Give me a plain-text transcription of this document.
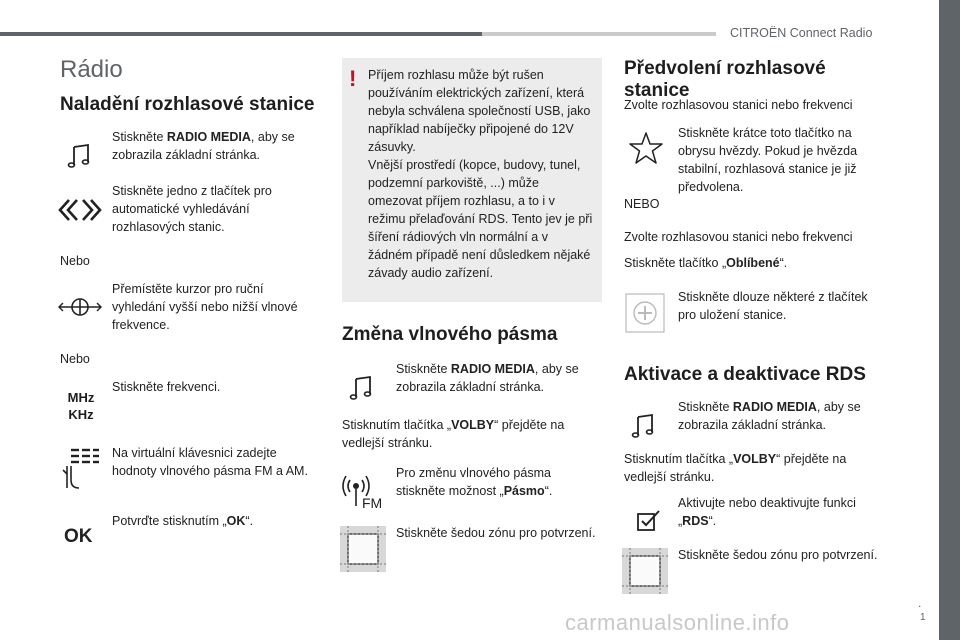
CITROËN Connect Radio
.
1
Rádio
Naladění rozhlasové stanice
Stiskněte RADIO MEDIA, aby se zobrazila základní stránka.
Stiskněte jedno z tlačítek pro automatické vyhledávání rozhlasových stanic.
Nebo
Přemístěte kurzor pro ruční vyhledání vyšší nebo nižší vlnové frekvence.
Nebo
MHz
KHz
Stiskněte frekvenci.
Na virtuální klávesnici zadejte hodnoty vlnového pásma FM a AM.
OK
Potvrďte stisknutím „OK“.
! Příjem rozhlasu může být rušen používáním elektrických zařízení, která nebyla schválena společností USB, jako například nabíječky připojené do 12V zásuvky.
Vnější prostředí (kopce, budovy, tunel, podzemní parkoviště, ...) může omezovat příjem rozhlasu, a to i v režimu přelaďování RDS. Tento jev je při šíření rádiových vln normální a v žádném případě není důsledkem nějaké závady audio zařízení.
Změna vlnového pásma
Stiskněte RADIO MEDIA, aby se zobrazila základní stránka.
Stisknutím tlačítka „VOLBY“ přejděte na vedlejší stránku.
FM
Pro změnu vlnového pásma stiskněte možnost „Pásmo“.
Stiskněte šedou zónu pro potvrzení.
Předvolení rozhlasové stanice
Zvolte rozhlasovou stanici nebo frekvenci
Stiskněte krátce toto tlačítko na obrysu hvězdy. Pokud je hvězda stabilní, rozhlasová stanice je již předvolena.
NEBO
Zvolte rozhlasovou stanici nebo frekvenci
Stiskněte tlačítko „Oblíbené“.
Stiskněte dlouze některé z tlačítek pro uložení stanice.
Aktivace a deaktivace RDS
Stiskněte RADIO MEDIA, aby se zobrazila základní stránka.
Stisknutím tlačítka „VOLBY“ přejděte na vedlejší stránku.
Aktivujte nebo deaktivujte funkci „RDS“.
Stiskněte šedou zónu pro potvrzení.
carmanualsonline.info
